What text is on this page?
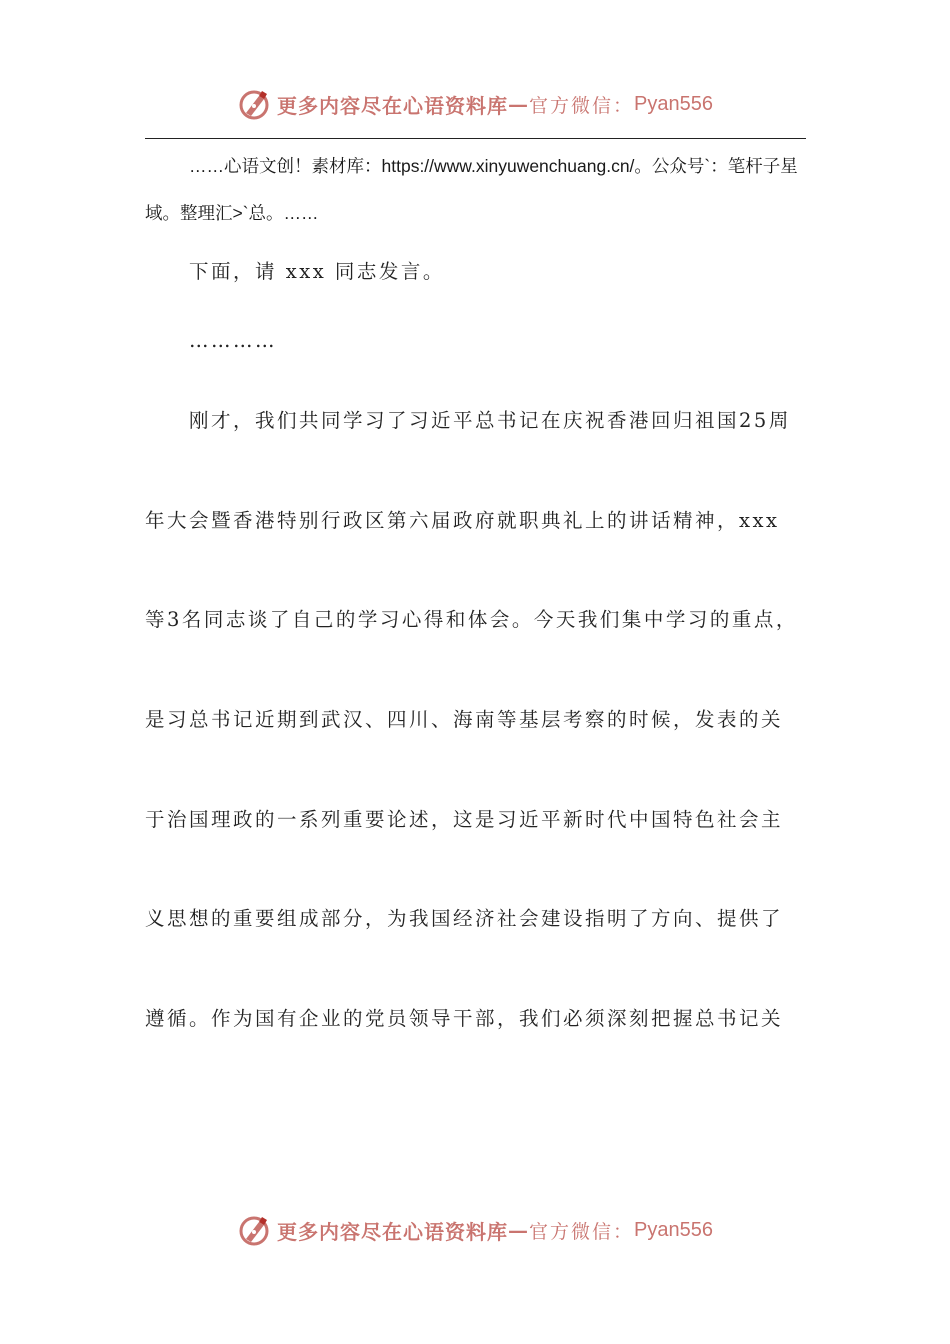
更多内容尽在心语资料库 — 官方微信： Pyan556
……心语文创！素材库：https://www.xinyuwenchuang.cn/。公众号`：笔杆子星域。整理汇>`总。……
下面，请 xxx 同志发言。
…………
刚才，我们共同学习了习近平总书记在庆祝香港回归祖国25周
年大会暨香港特别行政区第六届政府就职典礼上的讲话精神，xxx
等3名同志谈了自己的学习心得和体会。今天我们集中学习的重点，
是习总书记近期到武汉、四川、海南等基层考察的时候，发表的关
于治国理政的一系列重要论述，这是习近平新时代中国特色社会主
义思想的重要组成部分，为我国经济社会建设指明了方向、提供了
遵循。作为国有企业的党员领导干部，我们必须深刻把握总书记关
更多内容尽在心语资料库 — 官方微信： Pyan556
